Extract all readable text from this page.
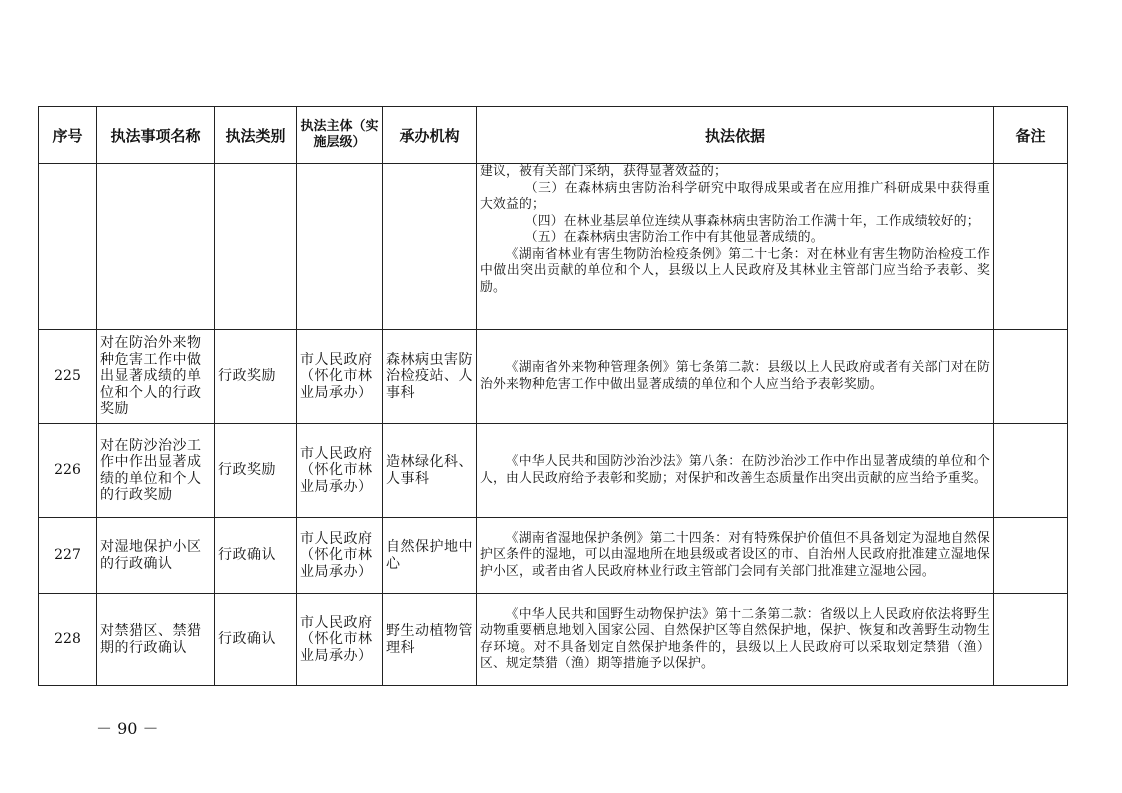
序号	执法事项名称	执法类别	执法主体（实施层级）	承办机构	执法依据	备注

					建议，被有关部门采纳，获得显著效益的；

（三）在森林病虫害防治科学研究中取得成果或者在应用推广科研成果中获得重大效益的；

（四）在林业基层单位连续从事森林病虫害防治工作满十年，工作成绩较好的；

（五）在森林病虫害防治工作中有其他显著成绩的。

《湖南省林业有害生物防治检疫条例》第二十七条：对在林业有害生物防治检疫工作中做出突出贡献的单位和个人，县级以上人民政府及其林业主管部门应当给予表彰、奖励。	

225	对在防治外来物种危害工作中做出显著成绩的单位和个人的行政奖励	行政奖励	市人民政府（怀化市林业局承办）	森林病虫害防治检疫站、人事科	《湖南省外来物种管理条例》第七条第二款：县级以上人民政府或者有关部门对在防治外来物种危害工作中做出显著成绩的单位和个人应当给予表彰奖励。	

226	对在防沙治沙工作中作出显著成绩的单位和个人的行政奖励	行政奖励	市人民政府（怀化市林业局承办）	造林绿化科、人事科	《中华人民共和国防沙治沙法》第八条：在防沙治沙工作中作出显著成绩的单位和个人，由人民政府给予表彰和奖励；对保护和改善生态质量作出突出贡献的应当给予重奖。	

227	对湿地保护小区的行政确认	行政确认	市人民政府（怀化市林业局承办）	自然保护地中心	《湖南省湿地保护条例》第二十四条：对有特殊保护价值但不具备划定为湿地自然保护区条件的湿地，可以由湿地所在地县级或者设区的市、自治州人民政府批准建立湿地保护小区，或者由省人民政府林业行政主管部门会同有关部门批准建立湿地公园。	

228	对禁猎区、禁猎期的行政确认	行政确认	市人民政府（怀化市林业局承办）	野生动植物管理科	《中华人民共和国野生动物保护法》第十二条第二款：省级以上人民政府依法将野生动物重要栖息地划入国家公园、自然保护区等自然保护地，保护、恢复和改善野生动物生存环境。对不具备划定自然保护地条件的，县级以上人民政府可以采取划定禁猎（渔）区、规定禁猎（渔）期等措施予以保护。	

－ 90 －
